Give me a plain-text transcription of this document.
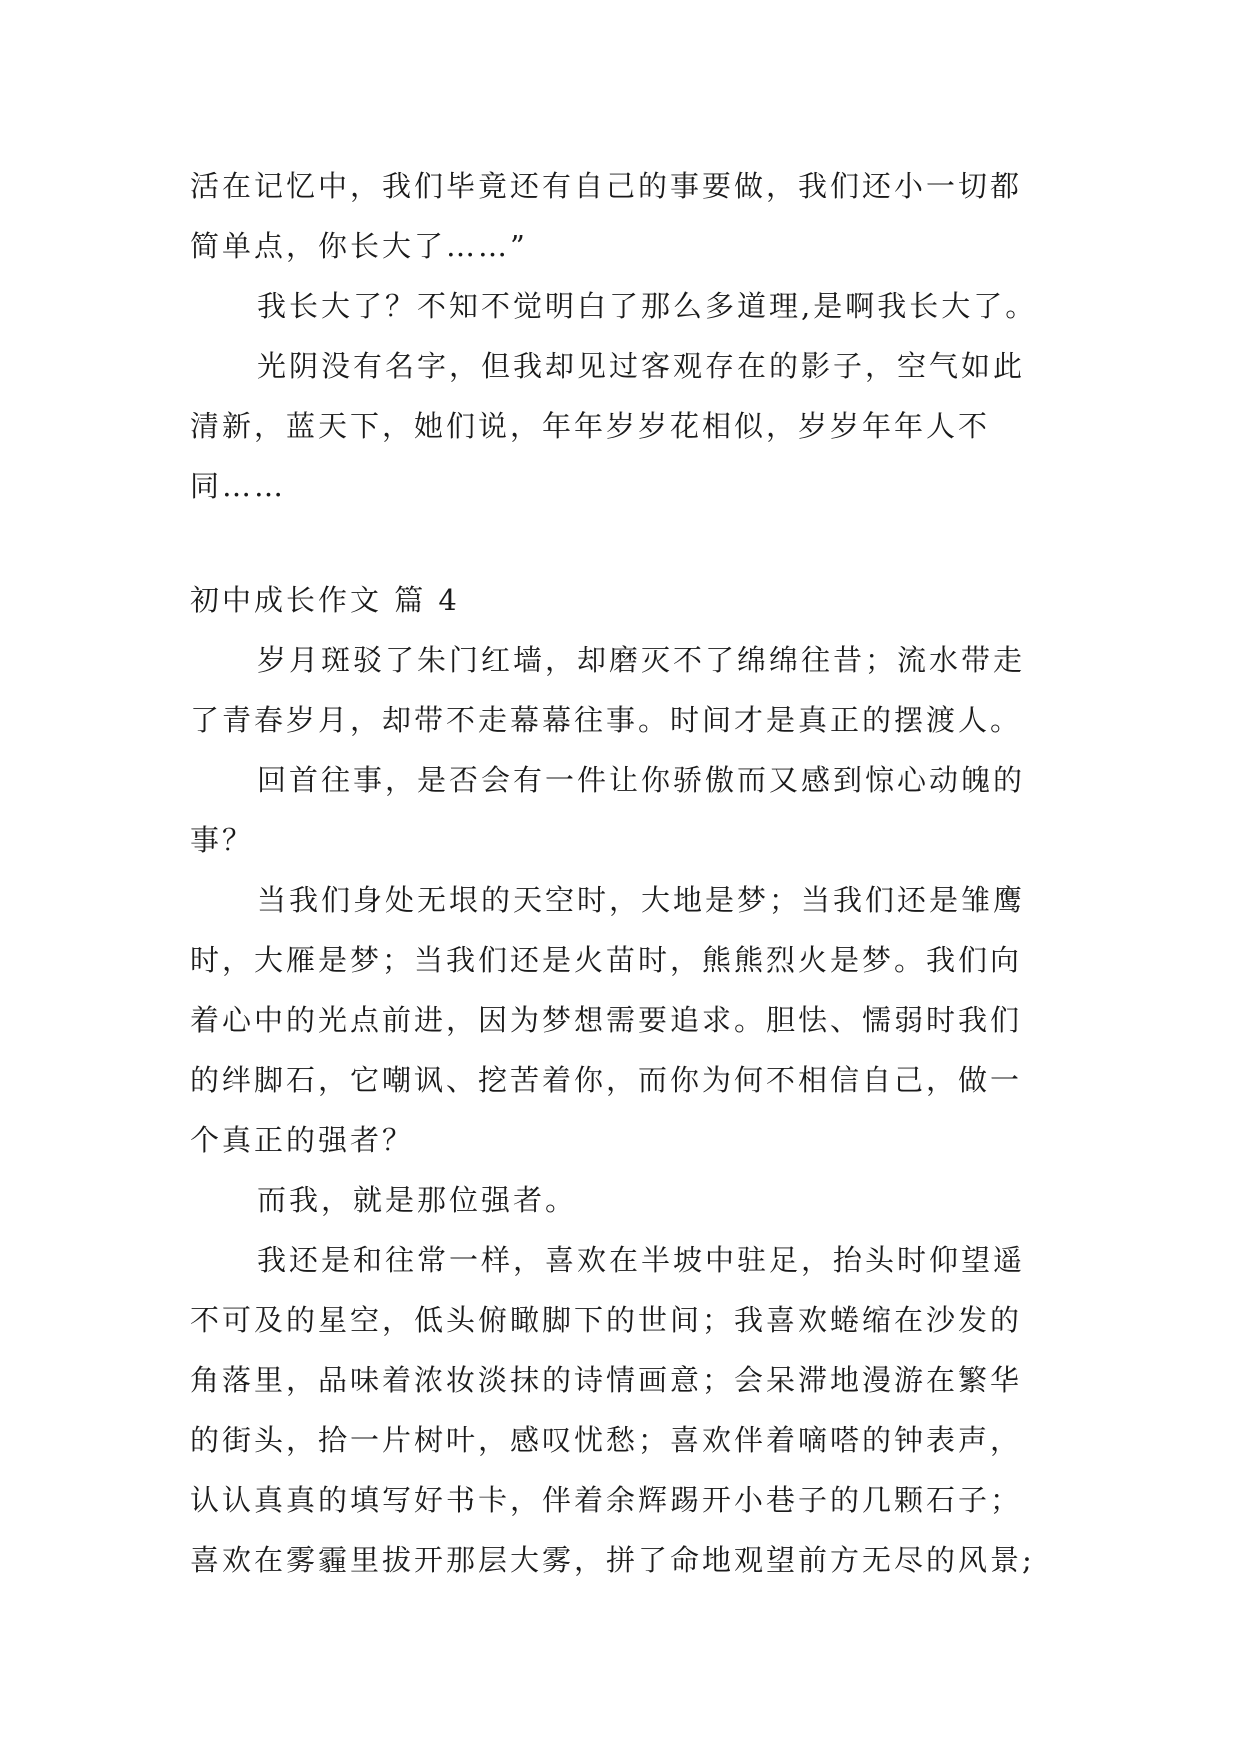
活在记忆中，我们毕竟还有自己的事要做，我们还小一切都
简单点，你长大了……”
我长大了？不知不觉明白了那么多道理,是啊我长大了。
光阴没有名字，但我却见过客观存在的影子，空气如此
清新，蓝天下，她们说，年年岁岁花相似，岁岁年年人不
同……
初中成长作文 篇 4
岁月斑驳了朱门红墙，却磨灭不了绵绵往昔；流水带走
了青春岁月，却带不走幕幕往事。时间才是真正的摆渡人。
回首往事，是否会有一件让你骄傲而又感到惊心动魄的
事？
当我们身处无垠的天空时，大地是梦；当我们还是雏鹰
时，大雁是梦；当我们还是火苗时，熊熊烈火是梦。我们向
着心中的光点前进，因为梦想需要追求。胆怯、懦弱时我们
的绊脚石，它嘲讽、挖苦着你，而你为何不相信自己，做一
个真正的强者？
而我，就是那位强者。
我还是和往常一样，喜欢在半坡中驻足，抬头时仰望遥
不可及的星空，低头俯瞰脚下的世间；我喜欢蜷缩在沙发的
角落里，品味着浓妆淡抹的诗情画意；会呆滞地漫游在繁华
的街头，拾一片树叶，感叹忧愁；喜欢伴着嘀嗒的钟表声，
认认真真的填写好书卡，伴着余辉踢开小巷子的几颗石子；
喜欢在雾霾里拔开那层大雾，拼了命地观望前方无尽的风景;
